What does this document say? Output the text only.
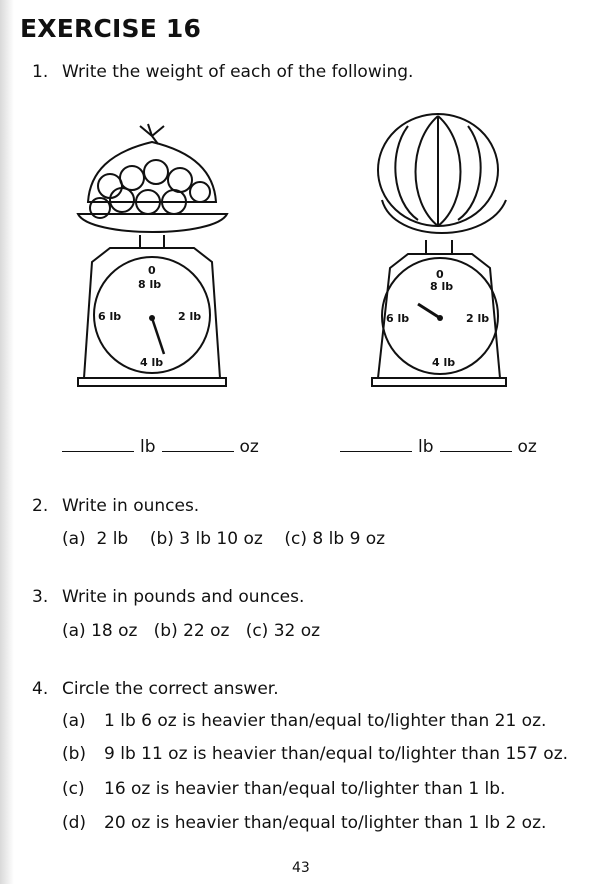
EXERCISE 16
1. Write the weight of each of the following.
0
8 lb
6 lb	2 lb
4 lb
0
8 lb
6 lb	2 lb
4 lb
lb	oz	lb	oz
2. Write in ounces.
(a)  2 lb    (b) 3 lb 10 oz    (c) 8 lb 9 oz
3. Write in pounds and ounces.
(a) 18 oz   (b) 22 oz   (c) 32 oz
4. Circle the correct answer.
(a) 1 lb 6 oz is heavier than/equal to/lighter than 21 oz.
(b) 9 lb 11 oz is heavier than/equal to/lighter than 157 oz.
(c) 16 oz is heavier than/equal to/lighter than 1 lb.
(d) 20 oz is heavier than/equal to/lighter than 1 lb 2 oz.
43
